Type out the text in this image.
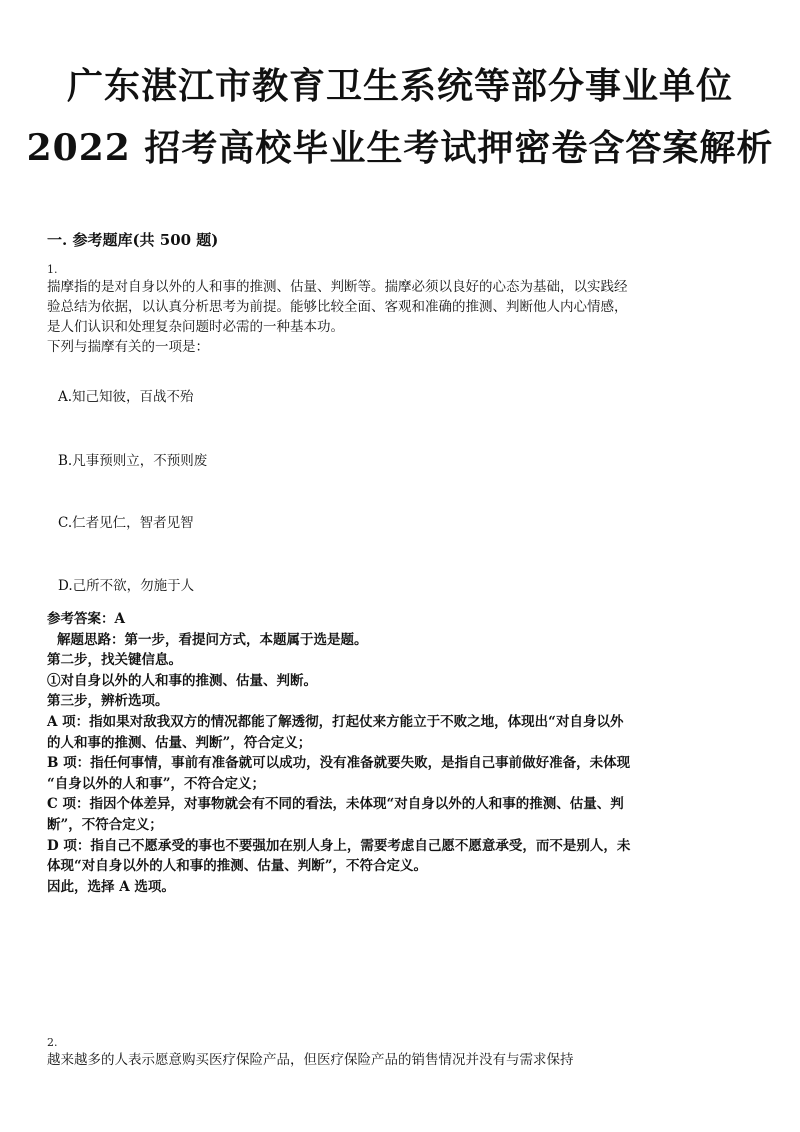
广东湛江市教育卫生系统等部分事业单位
2022 招考高校毕业生考试押密卷含答案解析
一. 参考题库(共 500 题)
1.

揣摩指的是对自身以外的人和事的推测、估量、判断等。揣摩必须以良好的心态为基础，以实践经

验总结为依据，以认真分析思考为前提。能够比较全面、客观和准确的推测、判断他人内心情感，

是人们认识和处理复杂问题时必需的一种基本功。

下列与揣摩有关的一项是：

A.知己知彼，百战不殆
B.凡事预则立，不预则废
C.仁者见仁，智者见智
D.己所不欲，勿施于人

参考答案：A

解题思路：第一步，看提问方式，本题属于选是题。

第二步，找关键信息。

①对自身以外的人和事的推测、估量、判断。

第三步，辨析选项。

A 项：指如果对敌我双方的情况都能了解透彻，打起仗来方能立于不败之地，体现出“对自身以外

的人和事的推测、估量、判断”，符合定义；

B 项：指任何事情，事前有准备就可以成功，没有准备就要失败，是指自己事前做好准备，未体现

“自身以外的人和事”，不符合定义；

C 项：指因个体差异，对事物就会有不同的看法，未体现“对自身以外的人和事的推测、估量、判

断”，不符合定义；

D 项：指自己不愿承受的事也不要强加在别人身上，需要考虑自己愿不愿意承受，而不是别人，未

体现“对自身以外的人和事的推测、估量、判断”，不符合定义。

因此，选择 A 选项。

2.

越来越多的人表示愿意购买医疗保险产品，但医疗保险产品的销售情况并没有与需求保持
